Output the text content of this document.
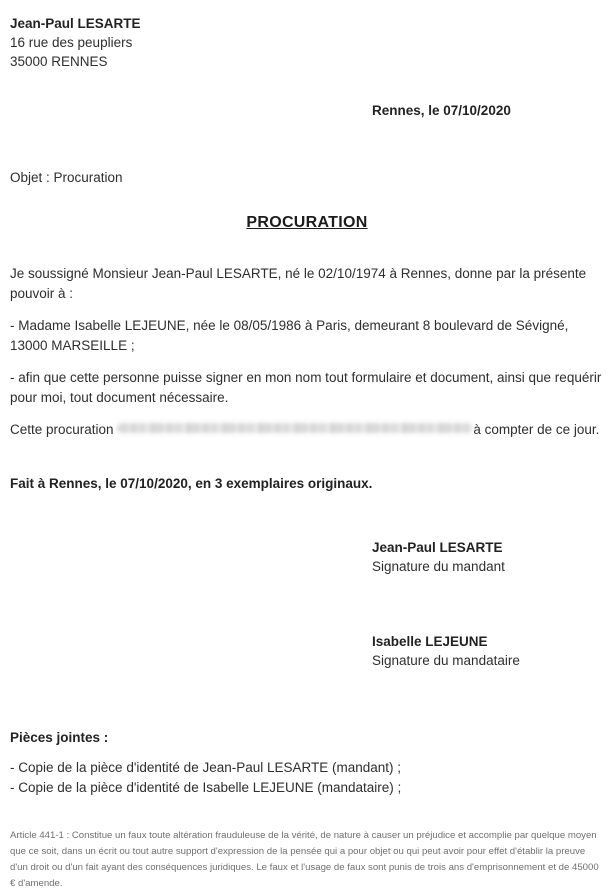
Jean-Paul LESARTE
16 rue des peupliers
35000 RENNES
Rennes, le 07/10/2020
Objet : Procuration
PROCURATION
Je soussigné Monsieur Jean-Paul LESARTE, né le 02/10/1974 à Rennes, donne par la présente pouvoir à :
- Madame Isabelle LEJEUNE, née le 08/05/1986 à Paris, demeurant 8 boulevard de Sévigné, 13000 MARSEILLE ;
- afin que cette personne puisse signer en mon nom tout formulaire et document, ainsi que requérir pour moi, tout document nécessaire.
Cette procuration	à compter de ce jour.
Fait à Rennes, le 07/10/2020, en 3 exemplaires originaux.
Jean-Paul LESARTE
Signature du mandant
Isabelle LEJEUNE
Signature du mandataire
Pièces jointes :
- Copie de la pièce d'identité de Jean-Paul LESARTE (mandant) ;
- Copie de la pièce d'identité de Isabelle LEJEUNE (mandataire) ;
Article 441-1 : Constitue un faux toute altération frauduleuse de la vérité, de nature à causer un préjudice et accomplie par quelque moyen que ce soit, dans un écrit ou tout autre support d'expression de la pensée qui a pour objet ou qui peut avoir pour effet d'établir la preuve d'un droit ou d'un fait ayant des conséquences juridiques. Le faux et l'usage de faux sont punis de trois ans d'emprisonnement et de 45000 € d'amende.
